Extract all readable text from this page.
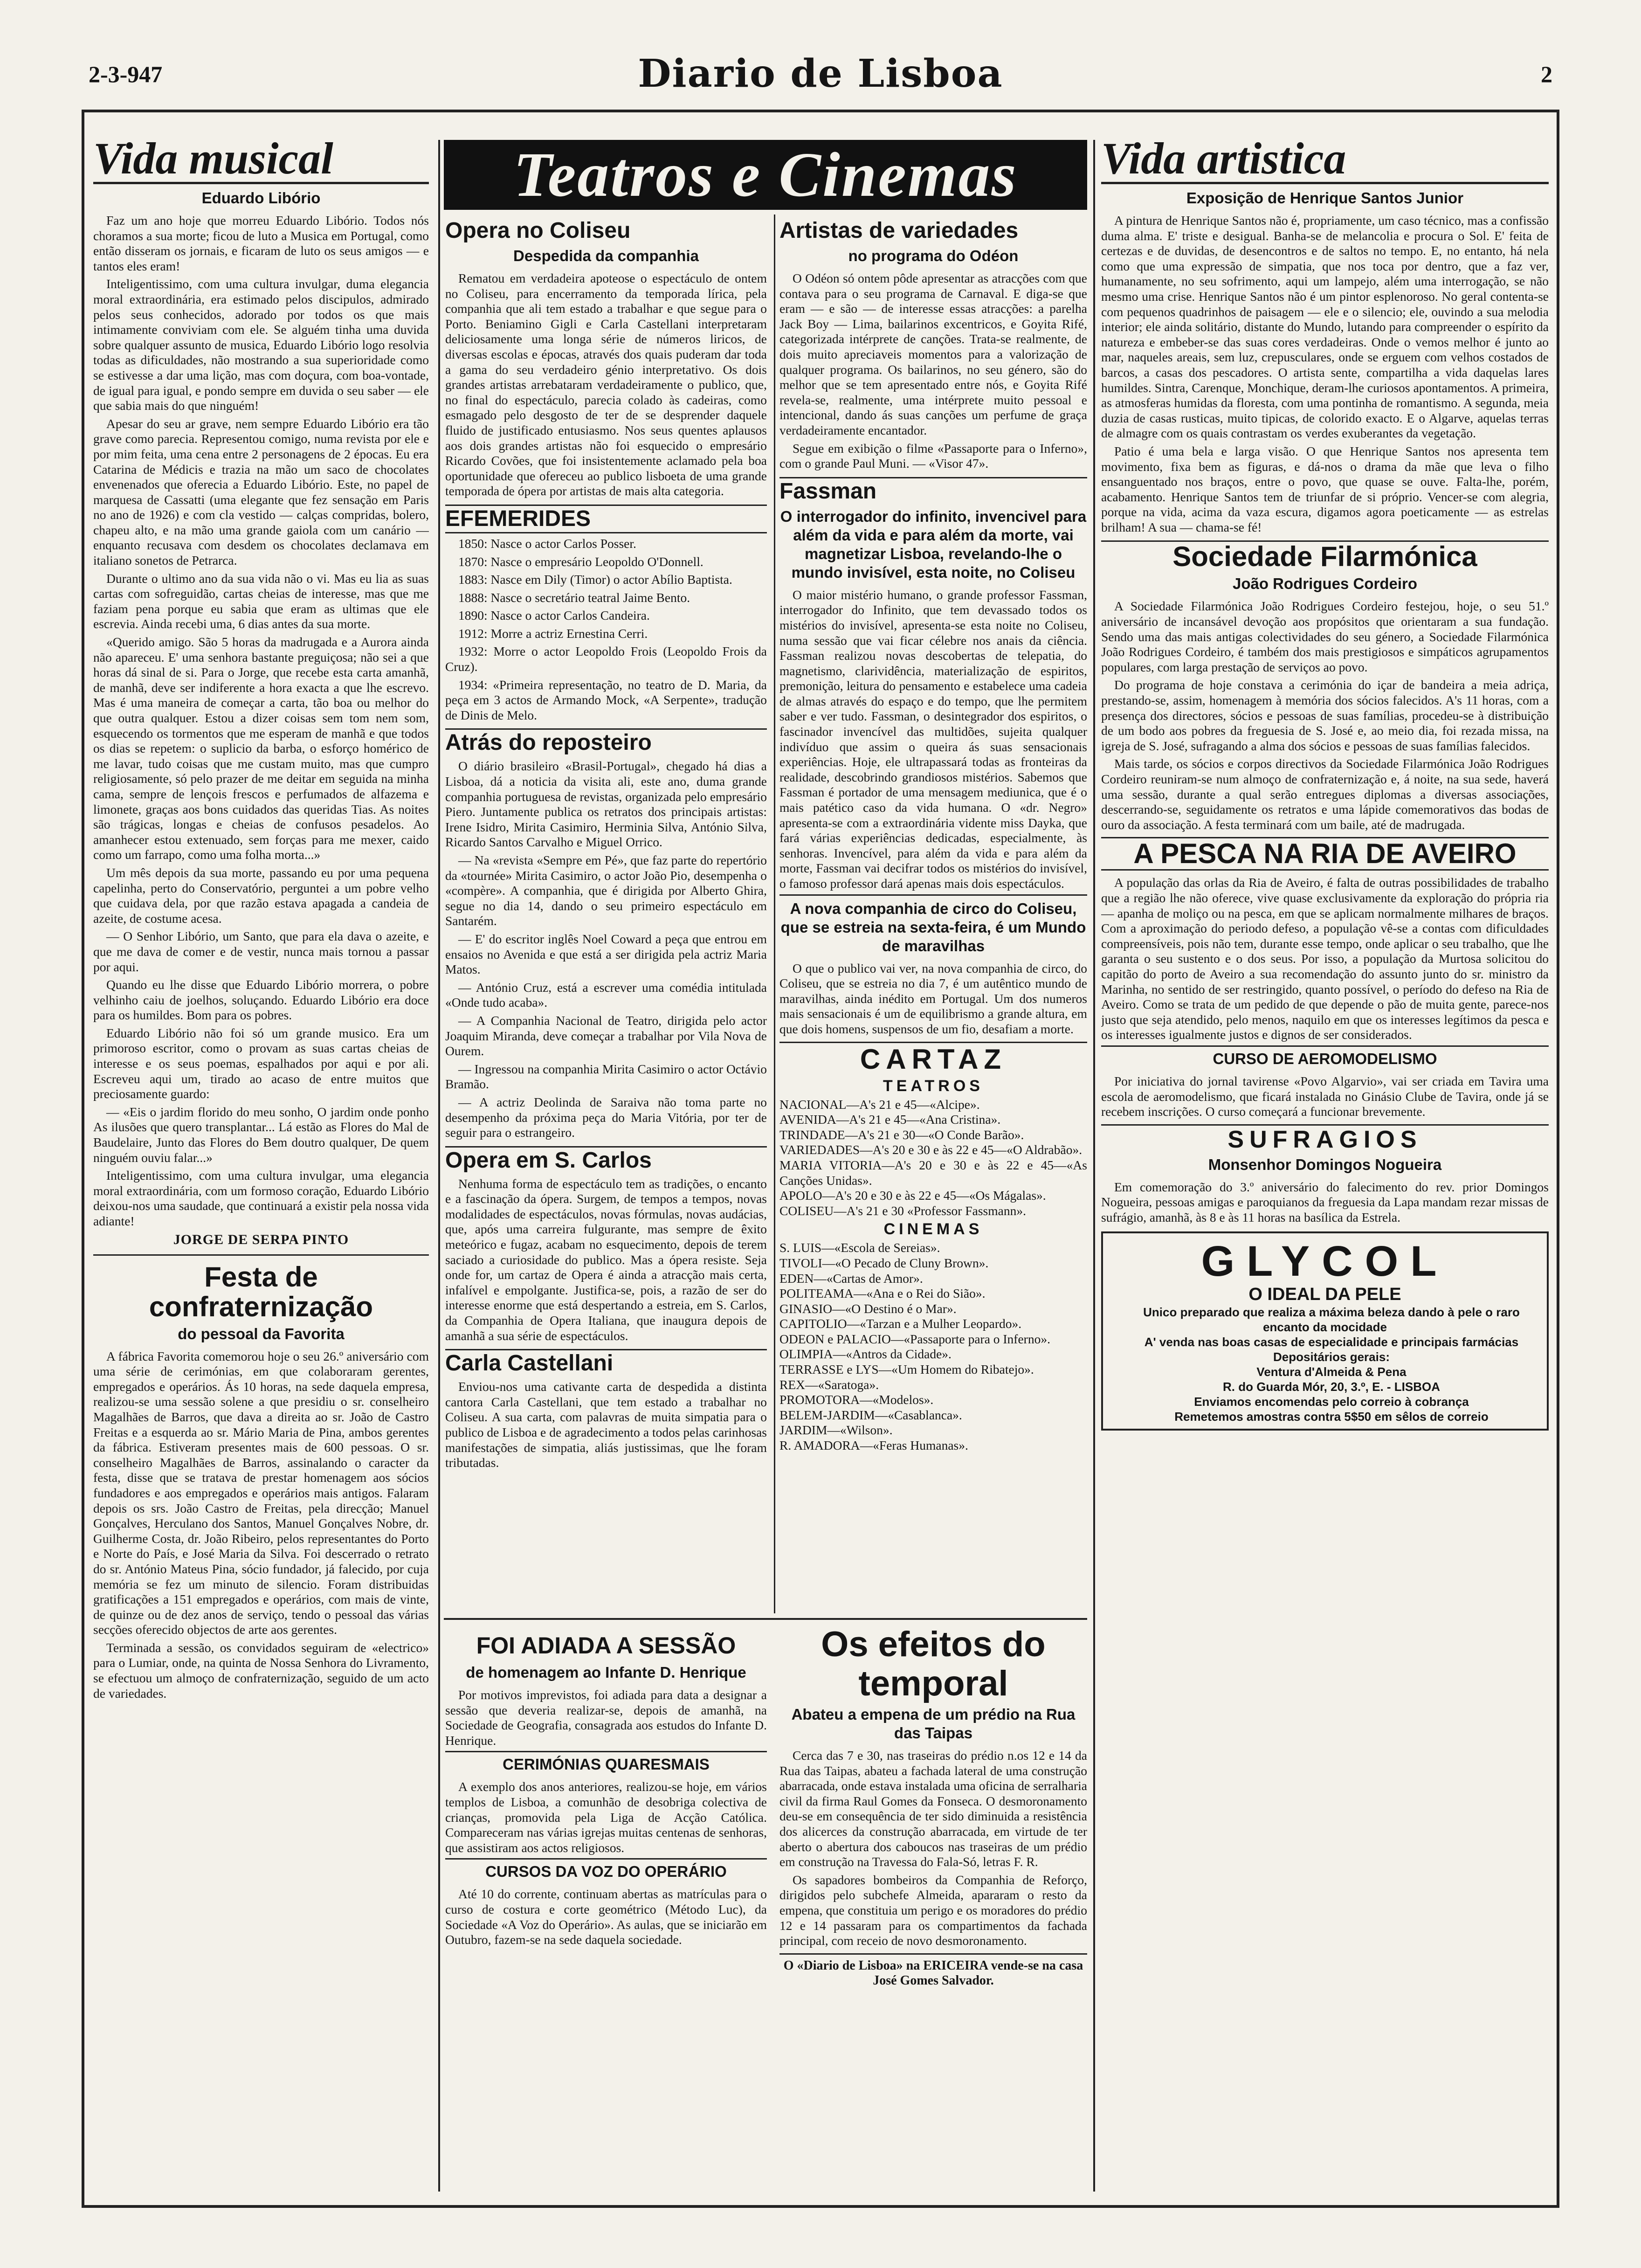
2-3-947	Diario de Lisboa	2
Teatros e Cinemas
Vida musical
Eduardo Libório

Faz um ano hoje que morreu Eduardo Libório. Todos nós choramos a sua morte; ficou de luto a Musica em Portugal, como então disseram os jornais, e ficaram de luto os seus amigos — e tantos eles eram!

Inteligentissimo, com uma cultura invulgar, duma elegancia moral extraordinária, era estimado pelos discipulos, admirado pelos seus conhecidos, adorado por todos os que mais intimamente conviviam com ele. Se alguém tinha uma duvida sobre qualquer assunto de musica, Eduardo Libório logo resolvia todas as dificuldades, não mostrando a sua superioridade como se estivesse a dar uma lição, mas com doçura, com boa-vontade, de igual para igual, e pondo sempre em duvida o seu saber — ele que sabia mais do que ninguém!

Apesar do seu ar grave, nem sempre Eduardo Libório era tão grave como parecia. Representou comigo, numa revista por ele e por mim feita, uma cena entre 2 personagens de 2 épocas. Eu era Catarina de Médicis e trazia na mão um saco de chocolates envenenados que oferecia a Eduardo Libório. Este, no papel de marquesa de Cassatti (uma elegante que fez sensação em Paris no ano de 1926) e com cla vestido — calças compridas, bolero, chapeu alto, e na mão uma grande gaiola com um canário — enquanto recusava com desdem os chocolates declamava em italiano sonetos de Petrarca.

Durante o ultimo ano da sua vida não o vi. Mas eu lia as suas cartas com sofreguidão, cartas cheias de interesse, mas que me faziam pena porque eu sabia que eram as ultimas que ele escrevia. Ainda recebi uma, 6 dias antes da sua morte.

«Querido amigo. São 5 horas da madrugada e a Aurora ainda não apareceu. E' uma senhora bastante preguiçosa; não sei a que horas dá sinal de si. Para o Jorge, que recebe esta carta amanhã, de manhã, deve ser indiferente a hora exacta a que lhe escrevo. Mas é uma maneira de começar a carta, tão boa ou melhor do que outra qualquer. Estou a dizer coisas sem tom nem som, esquecendo os tormentos que me esperam de manhã e que todos os dias se repetem: o suplicio da barba, o esforço homérico de me lavar, tudo coisas que me custam muito, mas que cumpro religiosamente, só pelo prazer de me deitar em seguida na minha cama, sempre de lençois frescos e perfumados de alfazema e limonete, graças aos bons cuidados das queridas Tias. As noites são trágicas, longas e cheias de confusos pesadelos. Ao amanhecer estou extenuado, sem forças para me mexer, caido como um farrapo, como uma folha morta...»

Um mês depois da sua morte, passando eu por uma pequena capelinha, perto do Conservatório, perguntei a um pobre velho que cuidava dela, por que razão estava apagada a candeia de azeite, de costume acesa.

— O Senhor Libório, um Santo, que para ela dava o azeite, e que me dava de comer e de vestir, nunca mais tornou a passar por aqui.

Quando eu lhe disse que Eduardo Libório morrera, o pobre velhinho caiu de joelhos, soluçando. Eduardo Libório era doce para os humildes. Bom para os pobres.

Eduardo Libório não foi só um grande musico. Era um primoroso escritor, como o provam as suas cartas cheias de interesse e os seus poemas, espalhados por aqui e por ali. Escreveu aqui um, tirado ao acaso de entre muitos que preciosamente guardo:

— «Eis o jardim florido do meu sonho, O jardim onde ponho As ilusões que quero transplantar... Lá estão as Flores do Mal de Baudelaire, Junto das Flores do Bem doutro qualquer, De quem ninguém ouviu falar...»

Inteligentissimo, com uma cultura invulgar, uma elegancia moral extraordinária, com um formoso coração, Eduardo Libório deixou-nos uma saudade, que continuará a existir pela nossa vida adiante!

JORGE DE SERPA PINTO
Festa de confraternização
do pessoal da Favorita

A fábrica Favorita comemorou hoje o seu 26.º aniversário com uma série de cerimónias, em que colaboraram gerentes, empregados e operários. Ás 10 horas, na sede daquela empresa, realizou-se uma sessão solene a que presidiu o sr. conselheiro Magalhães de Barros, que dava a direita ao sr. João de Castro Freitas e a esquerda ao sr. Mário Maria de Pina, ambos gerentes da fábrica. Estiveram presentes mais de 600 pessoas. O sr. conselheiro Magalhães de Barros, assinalando o caracter da festa, disse que se tratava de prestar homenagem aos sócios fundadores e aos empregados e operários mais antigos. Falaram depois os srs. João Castro de Freitas, pela direcção; Manuel Gonçalves, Herculano dos Santos, Manuel Gonçalves Nobre, dr. Guilherme Costa, dr. João Ribeiro, pelos representantes do Porto e Norte do País, e José Maria da Silva. Foi descerrado o retrato do sr. António Mateus Pina, sócio fundador, já falecido, por cuja memória se fez um minuto de silencio. Foram distribuidas gratificações a 151 empregados e operários, com mais de vinte, de quinze ou de dez anos de serviço, tendo o pessoal das várias secções oferecido objectos de arte aos gerentes.

Terminada a sessão, os convidados seguiram de «electrico» para o Lumiar, onde, na quinta de Nossa Senhora do Livramento, se efectuou um almoço de confraternização, seguido de um acto de variedades.

Opera no Coliseu
Despedida da companhia

Rematou em verdadeira apoteose o espectáculo de ontem no Coliseu, para encerramento da temporada lírica, pela companhia que ali tem estado a trabalhar e que segue para o Porto. Beniamino Gigli e Carla Castellani interpretaram deliciosamente uma longa série de números liricos, de diversas escolas e épocas, através dos quais puderam dar toda a gama do seu verdadeiro génio interpretativo. Os dois grandes artistas arrebataram verdadeiramente o publico, que, no final do espectáculo, parecia colado às cadeiras, como esmagado pelo desgosto de ter de se desprender daquele fluido de justificado entusiasmo. Nos seus quentes aplausos aos dois grandes artistas não foi esquecido o empresário Ricardo Covões, que foi insistentemente aclamado pela boa oportunidade que ofereceu ao publico lisboeta de uma grande temporada de ópera por artistas de mais alta categoria.

EFEMERIDES

1850: Nasce o actor Carlos Posser.

1870: Nasce o empresário Leopoldo O'Donnell.

1883: Nasce em Dily (Timor) o actor Abílio Baptista.

1888: Nasce o secretário teatral Jaime Bento.

1890: Nasce o actor Carlos Candeira.

1912: Morre a actriz Ernestina Cerri.

1932: Morre o actor Leopoldo Frois (Leopoldo Frois da Cruz).

1934: «Primeira representação, no teatro de D. Maria, da peça em 3 actos de Armando Mock, «A Serpente», tradução de Dinis de Melo.

Atrás do reposteiro

O diário brasileiro «Brasil-Portugal», chegado há dias a Lisboa, dá a noticia da visita ali, este ano, duma grande companhia portuguesa de revistas, organizada pelo empresário Piero. Juntamente publica os retratos dos principais artistas: Irene Isidro, Mirita Casimiro, Herminia Silva, António Silva, Ricardo Santos Carvalho e Miguel Orrico.

— Na «revista «Sempre em Pé», que faz parte do repertório da «tournée» Mirita Casimiro, o actor João Pio, desempenha o «compère». A companhia, que é dirigida por Alberto Ghira, segue no dia 14, dando o seu primeiro espectáculo em Santarém.

— E' do escritor inglês Noel Coward a peça que entrou em ensaios no Avenida e que está a ser dirigida pela actriz Maria Matos.

— António Cruz, está a escrever uma comédia intitulada «Onde tudo acaba».

— A Companhia Nacional de Teatro, dirigida pelo actor Joaquim Miranda, deve começar a trabalhar por Vila Nova de Ourem.

— Ingressou na companhia Mirita Casimiro o actor Octávio Bramão.

— A actriz Deolinda de Saraiva não toma parte no desempenho da próxima peça do Maria Vitória, por ter de seguir para o estrangeiro.

Opera em S. Carlos

Nenhuma forma de espectáculo tem as tradições, o encanto e a fascinação da ópera. Surgem, de tempos a tempos, novas modalidades de espectáculos, novas fórmulas, novas audácias, que, após uma carreira fulgurante, mas sempre de êxito meteórico e fugaz, acabam no esquecimento, depois de terem saciado a curiosidade do publico. Mas a ópera resiste. Seja onde for, um cartaz de Opera é ainda a atracção mais certa, infalível e empolgante. Justifica-se, pois, a razão de ser do interesse enorme que está despertando a estreia, em S. Carlos, da Companhia de Opera Italiana, que inaugura depois de amanhã a sua série de espectáculos.

Carla Castellani

Enviou-nos uma cativante carta de despedida a distinta cantora Carla Castellani, que tem estado a trabalhar no Coliseu. A sua carta, com palavras de muita simpatia para o publico de Lisboa e de agradecimento a todos pelas carinhosas manifestações de simpatia, aliás justissimas, que lhe foram tributadas.

Artistas de variedades
no programa do Odéon

O Odéon só ontem pôde apresentar as atracções com que contava para o seu programa de Carnaval. E diga-se que eram — e são — de interesse essas atracções: a parelha Jack Boy — Lima, bailarinos excentricos, e Goyita Rifé, categorizada intérprete de canções. Trata-se realmente, de dois muito apreciaveis momentos para a valorização de qualquer programa. Os bailarinos, no seu género, são do melhor que se tem apresentado entre nós, e Goyita Rifé revela-se, realmente, uma intérprete muito pessoal e intencional, dando ás suas canções um perfume de graça verdadeiramente encantador.

Segue em exibição o filme «Passaporte para o Inferno», com o grande Paul Muni. — «Visor 47».

Fassman
O interrogador do infinito, invencivel para além da vida e para além da morte, vai magnetizar Lisboa, revelando-lhe o mundo invisível, esta noite, no Coliseu

O maior mistério humano, o grande professor Fassman, interrogador do Infinito, que tem devassado todos os mistérios do invisível, apresenta-se esta noite no Coliseu, numa sessão que vai ficar célebre nos anais da ciência. Fassman realizou novas descobertas de telepatia, do magnetismo, clarividência, materialização de espiritos, premonição, leitura do pensamento e estabelece uma cadeia de almas através do espaço e do tempo, que lhe permitem saber e ver tudo. Fassman, o desintegrador dos espiritos, o fascinador invencível das multidões, sujeita qualquer indivíduo que assim o queira ás suas sensacionais experiências. Hoje, ele ultrapassará todas as fronteiras da realidade, descobrindo grandiosos mistérios. Sabemos que Fassman é portador de uma mensagem mediunica, que é o mais patético caso da vida humana. O «dr. Negro» apresenta-se com a extraordinária vidente miss Dayka, que fará várias experiências dedicadas, especialmente, às senhoras. Invencível, para além da vida e para além da morte, Fassman vai decifrar todos os mistérios do invisível, o famoso professor dará apenas mais dois espectáculos.

A nova companhia de circo do Coliseu, que se estreia na sexta-feira, é um Mundo de maravilhas

O que o publico vai ver, na nova companhia de circo, do Coliseu, que se estreia no dia 7, é um autêntico mundo de maravilhas, ainda inédito em Portugal. Um dos numeros mais sensacionais é um de equilibrismo a grande altura, em que dois homens, suspensos de um fio, desafiam a morte.

CARTAZ
TEATROS

NACIONAL—A's 21 e 45—«Alcipe».

AVENIDA—A's 21 e 45—«Ana Cristina».

TRINDADE—A's 21 e 30—«O Conde Barão».

VARIEDADES—A's 20 e 30 e às 22 e 45—«O Aldrabão».

MARIA VITORIA—A's 20 e 30 e às 22 e 45—«As Canções Unidas».

APOLO—A's 20 e 30 e às 22 e 45—«Os Mágalas».

COLISEU—A's 21 e 30 «Professor Fassmann».

CINEMAS

S. LUIS—«Escola de Sereias».

TIVOLI—«O Pecado de Cluny Brown».

EDEN—«Cartas de Amor».

POLITEAMA—«Ana e o Rei do Sião».

GINASIO—«O Destino é o Mar».

CAPITOLIO—«Tarzan e a Mulher Leopardo».

ODEON e PALACIO—«Passaporte para o Inferno».

OLIMPIA—«Antros da Cidade».

TERRASSE e LYS—«Um Homem do Ribatejo».

REX—«Saratoga».

PROMOTORA—«Modelos».

BELEM-JARDIM—«Casablanca».

JARDIM—«Wilson».

R. AMADORA—«Feras Humanas».

FOI ADIADA A SESSÃO
de homenagem ao Infante D. Henrique

Por motivos imprevistos, foi adiada para data a designar a sessão que deveria realizar-se, depois de amanhã, na Sociedade de Geografia, consagrada aos estudos do Infante D. Henrique.

CERIMÓNIAS QUARESMAIS

A exemplo dos anos anteriores, realizou-se hoje, em vários templos de Lisboa, a comunhão de desobriga colectiva de crianças, promovida pela Liga de Acção Católica. Compareceram nas várias igrejas muitas centenas de senhoras, que assistiram aos actos religiosos.

CURSOS DA VOZ DO OPERÁRIO

Até 10 do corrente, continuam abertas as matrículas para o curso de costura e corte geométrico (Método Luc), da Sociedade «A Voz do Operário». As aulas, que se iniciarão em Outubro, fazem-se na sede daquela sociedade.

Os efeitos do temporal
Abateu a empena de um prédio na Rua das Taipas

Cerca das 7 e 30, nas traseiras do prédio n.os 12 e 14 da Rua das Taipas, abateu a fachada lateral de uma construção abarracada, onde estava instalada uma oficina de serralharia civil da firma Raul Gomes da Fonseca. O desmoronamento deu-se em consequência de ter sido diminuida a resistência dos alicerces da construção abarracada, em virtude de ter aberto o abertura dos caboucos nas traseiras de um prédio em construção na Travessa do Fala-Só, letras F. R.

Os sapadores bombeiros da Companhia de Reforço, dirigidos pelo subchefe Almeida, apararam o resto da empena, que constituia um perigo e os moradores do prédio 12 e 14 passaram para os compartimentos da fachada principal, com receio de novo desmoronamento.

O «Diario de Lisboa» na ERICEIRA vende-se na casa José Gomes Salvador.

Vida artistica
Exposição de Henrique Santos Junior

A pintura de Henrique Santos não é, propriamente, um caso técnico, mas a confissão duma alma. E' triste e desigual. Banha-se de melancolia e procura o Sol. E' feita de certezas e de duvidas, de desencontros e de saltos no tempo. E, no entanto, há nela como que uma expressão de simpatia, que nos toca por dentro, que a faz ver, humanamente, no seu sofrimento, aqui um lampejo, além uma interrogação, se não mesmo uma crise. Henrique Santos não é um pintor esplenoroso. No geral contenta-se com pequenos quadrinhos de paisagem — ele e o silencio; ele, ouvindo a sua melodia interior; ele ainda solitário, distante do Mundo, lutando para compreender o espírito da natureza e embeber-se das suas cores verdadeiras. Onde o vemos melhor é junto ao mar, naqueles areais, sem luz, crepusculares, onde se erguem com velhos costados de barcos, a casas dos pescadores. O artista sente, compartilha a vida daquelas lares humildes. Sintra, Carenque, Monchique, deram-lhe curiosos apontamentos. A primeira, as atmosferas humidas da floresta, com uma pontinha de romantismo. A segunda, meia duzia de casas rusticas, muito tipicas, de colorido exacto. E o Algarve, aquelas terras de almagre com os quais contrastam os verdes exuberantes da vegetação.

Patio é uma bela e larga visão. O que Henrique Santos nos apresenta tem movimento, fixa bem as figuras, e dá-nos o drama da mãe que leva o filho ensanguentado nos braços, entre o povo, que quase se ouve. Falta-lhe, porém, acabamento. Henrique Santos tem de triunfar de si próprio. Vencer-se com alegria, porque na vida, acima da vaza escura, digamos agora poeticamente — as estrelas brilham! A sua — chama-se fé!

Sociedade Filarmónica
João Rodrigues Cordeiro

A Sociedade Filarmónica João Rodrigues Cordeiro festejou, hoje, o seu 51.º aniversário de incansável devoção aos propósitos que orientaram a sua fundação. Sendo uma das mais antigas colectividades do seu género, a Sociedade Filarmónica João Rodrigues Cordeiro, é também dos mais prestigiosos e simpáticos agrupamentos populares, com larga prestação de serviços ao povo.

Do programa de hoje constava a cerimónia do içar de bandeira a meia adriça, prestando-se, assim, homenagem à memória dos sócios falecidos. A's 11 horas, com a presença dos directores, sócios e pessoas de suas famílias, procedeu-se à distribuição de um bodo aos pobres da freguesia de S. José e, ao meio dia, foi rezada missa, na igreja de S. José, sufragando a alma dos sócios e pessoas de suas famílias falecidos.

Mais tarde, os sócios e corpos directivos da Sociedade Filarmónica João Rodrigues Cordeiro reuniram-se num almoço de confraternização e, á noite, na sua sede, haverá uma sessão, durante a qual serão entregues diplomas a diversas associações, descerrando-se, seguidamente os retratos e uma lápide comemorativos das bodas de ouro da associação. A festa terminará com um baile, até de madrugada.

A PESCA NA RIA DE AVEIRO

A população das orlas da Ria de Aveiro, é falta de outras possibilidades de trabalho que a região lhe não oferece, vive quase exclusivamente da exploração do própria ria — apanha de moliço ou na pesca, em que se aplicam normalmente milhares de braços. Com a aproximação do periodo defeso, a população vê-se a contas com dificuldades compreensíveis, pois não tem, durante esse tempo, onde aplicar o seu trabalho, que lhe garanta o seu sustento e o dos seus. Por isso, a população da Murtosa solicitou do capitão do porto de Aveiro a sua recomendação do assunto junto do sr. ministro da Marinha, no sentido de ser restringido, quanto possível, o período do defeso na Ria de Aveiro. Como se trata de um pedido de que depende o pão de muita gente, parece-nos justo que seja atendido, pelo menos, naquilo em que os interesses legítimos da pesca e os interesses igualmente justos e dignos de ser considerados.

CURSO DE AEROMODELISMO

Por iniciativa do jornal tavirense «Povo Algarvio», vai ser criada em Tavira uma escola de aeromodelismo, que ficará instalada no Ginásio Clube de Tavira, onde já se recebem inscrições. O curso começará a funcionar brevemente.

SUFRAGIOS
Monsenhor Domingos Nogueira

Em comemoração do 3.º aniversário do falecimento do rev. prior Domingos Nogueira, pessoas amigas e paroquianos da freguesia da Lapa mandam rezar missas de sufrágio, amanhã, às 8 e às 11 horas na basílica da Estrela.

GLYCOL
O IDEAL DA PELE

Unico preparado que realiza a máxima beleza dando à pele o raro encanto da mocidade

A' venda nas boas casas de especialidade e principais farmácias

Depositários gerais:

Ventura d'Almeida & Pena

R. do Guarda Mór, 20, 3.º, E. - LISBOA

Enviamos encomendas pelo correio à cobrança

Remetemos amostras contra 5$50 em sêlos de correio
